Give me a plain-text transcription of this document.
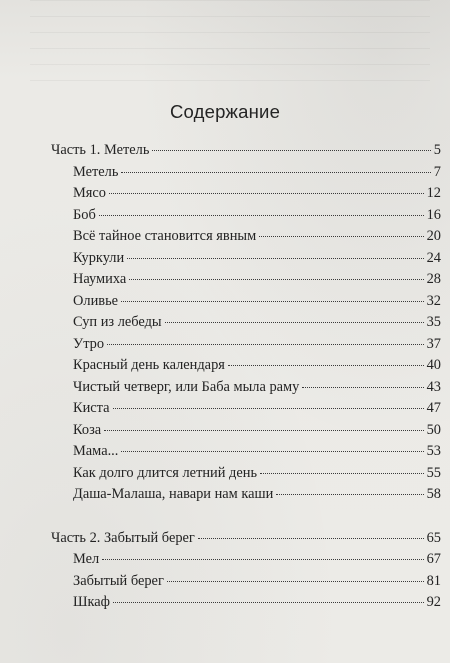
Содержание
Часть 1. Метель	5
Метель	7
Мясо	12
Боб	16
Всё тайное становится явным	20
Куркули	24
Наумиха	28
Оливье	32
Суп из лебеды	35
Утро	37
Красный день календаря	40
Чистый четверг, или Баба мыла раму	43
Киста	47
Коза	50
Мама...	53
Как долго длится летний день	55
Даша-Малаша, навари нам каши	58
Часть 2. Забытый берег	65
Мел	67
Забытый берег	81
Шкаф	92
